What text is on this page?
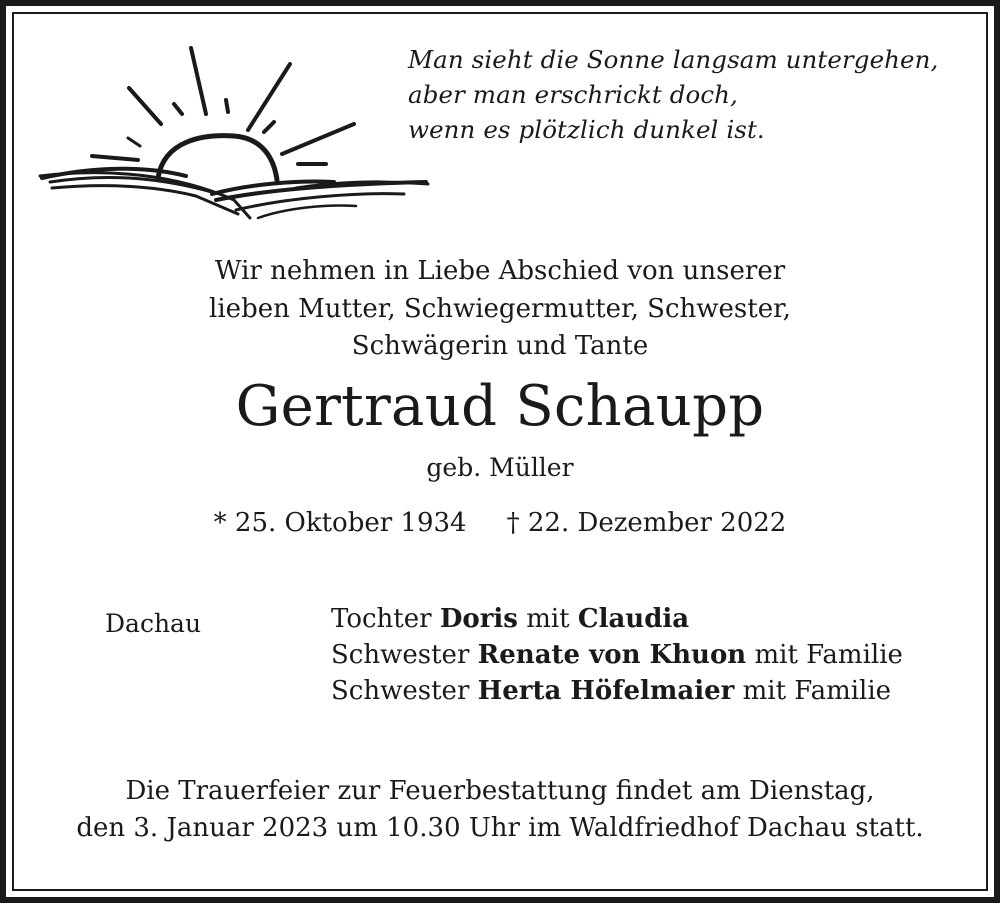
Man sieht die Sonne langsam untergehen,
aber man erschrickt doch,
wenn es plötzlich dunkel ist.
Wir nehmen in Liebe Abschied von unserer
lieben Mutter, Schwiegermutter, Schwester,
Schwägerin und Tante
Gertraud Schaupp
geb. Müller
* 25. Oktober 1934 † 22. Dezember 2022
Dachau	Tochter Doris mit Claudia
Schwester Renate von Khuon mit Familie
Schwester Herta Höfelmaier mit Familie
Die Trauerfeier zur Feuerbestattung findet am Dienstag,
den 3. Januar 2023 um 10.30 Uhr im Waldfriedhof Dachau statt.
